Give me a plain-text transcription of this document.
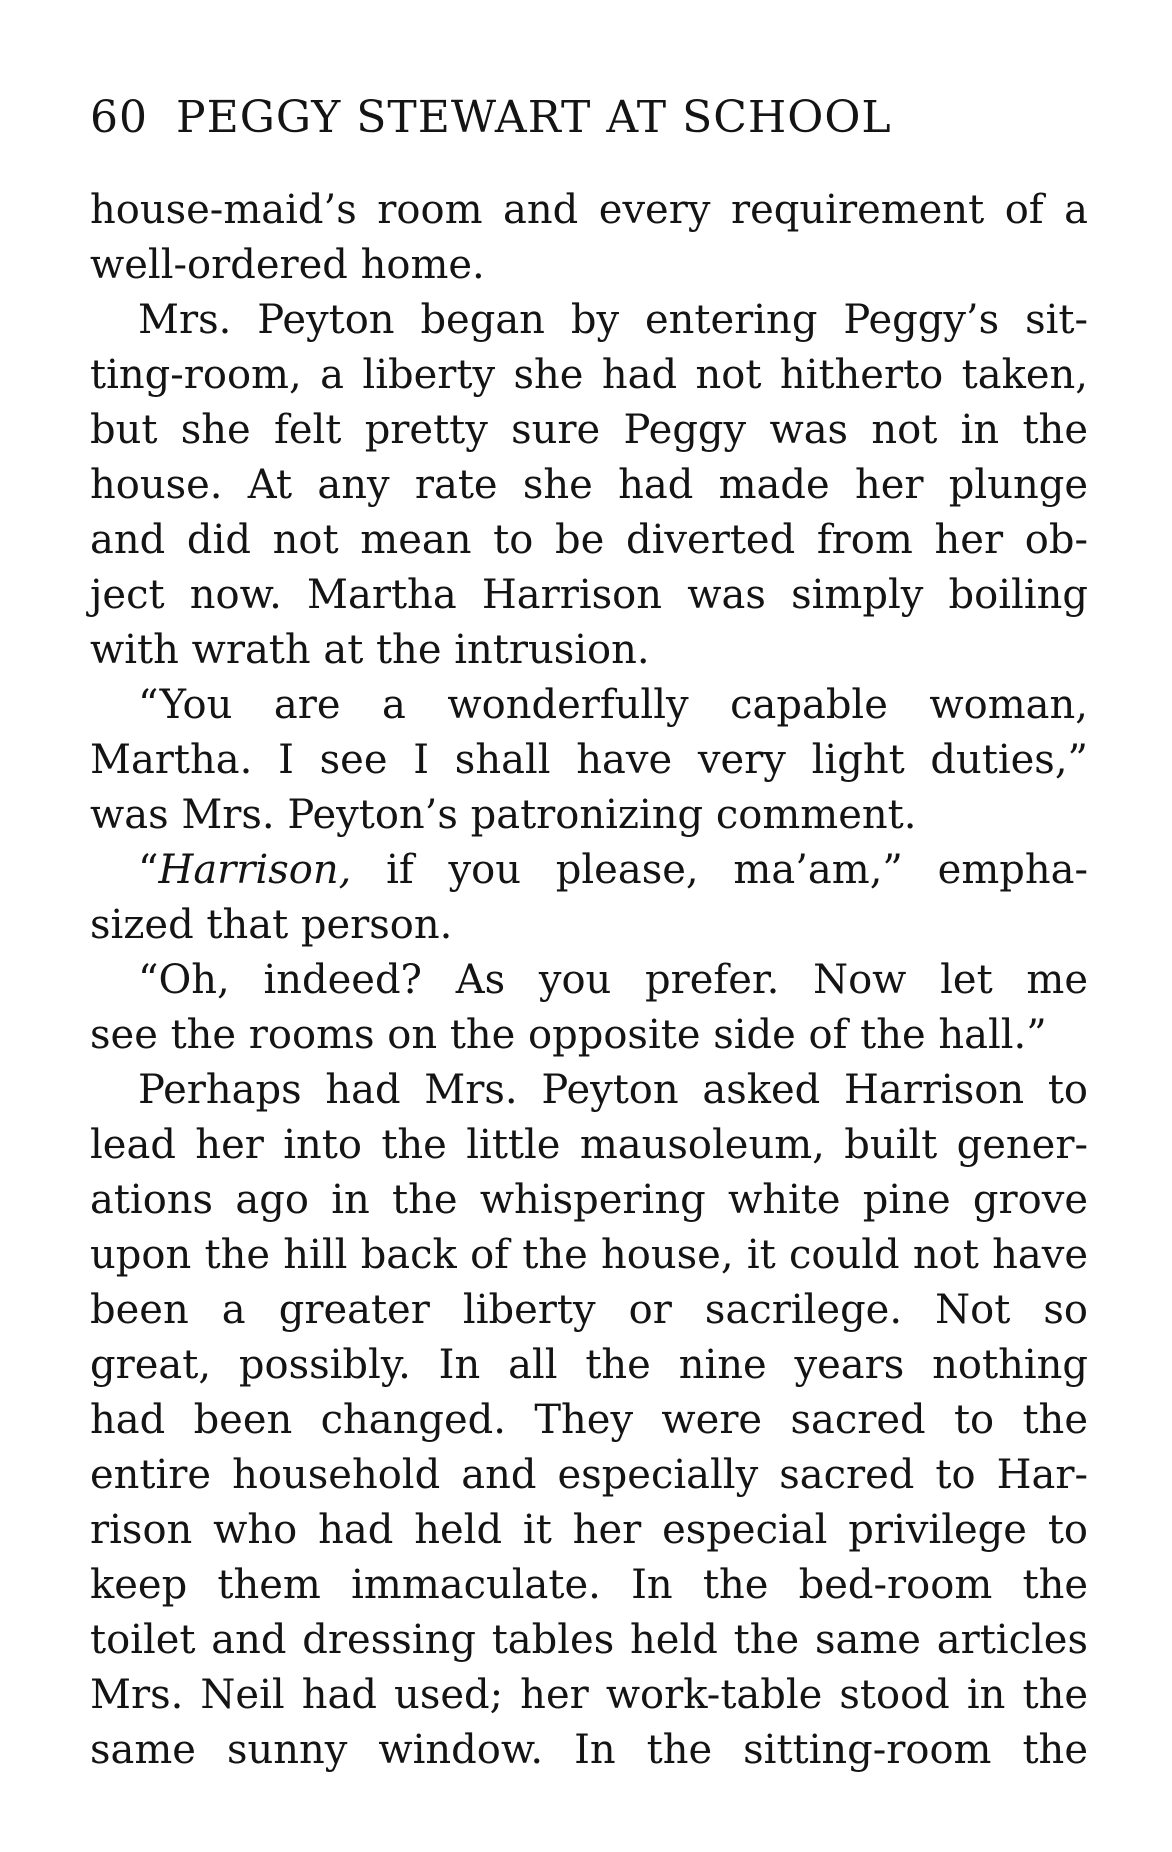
60 PEGGY STEWART AT SCHOOL
house-maid’s room and every requirement of a
well-ordered home.
Mrs. Peyton began by entering Peggy’s sit-
ting-room, a liberty she had not hitherto taken,
but she felt pretty sure Peggy was not in the
house. At any rate she had made her plunge
and did not mean to be diverted from her ob-
ject now. Martha Harrison was simply boiling
with wrath at the intrusion.
“You are a wonderfully capable woman,
Martha. I see I shall have very light duties,”
was Mrs. Peyton’s patronizing comment.
“Harrison, if you please, ma’am,” empha-
sized that person.
“Oh, indeed? As you prefer. Now let me
see the rooms on the opposite side of the hall.”
Perhaps had Mrs. Peyton asked Harrison to
lead her into the little mausoleum, built gener-
ations ago in the whispering white pine grove
upon the hill back of the house, it could not have
been a greater liberty or sacrilege. Not so
great, possibly. In all the nine years nothing
had been changed. They were sacred to the
entire household and especially sacred to Har-
rison who had held it her especial privilege to
keep them immaculate. In the bed-room the
toilet and dressing tables held the same articles
Mrs. Neil had used; her work-table stood in the
same sunny window. In the sitting-room the
